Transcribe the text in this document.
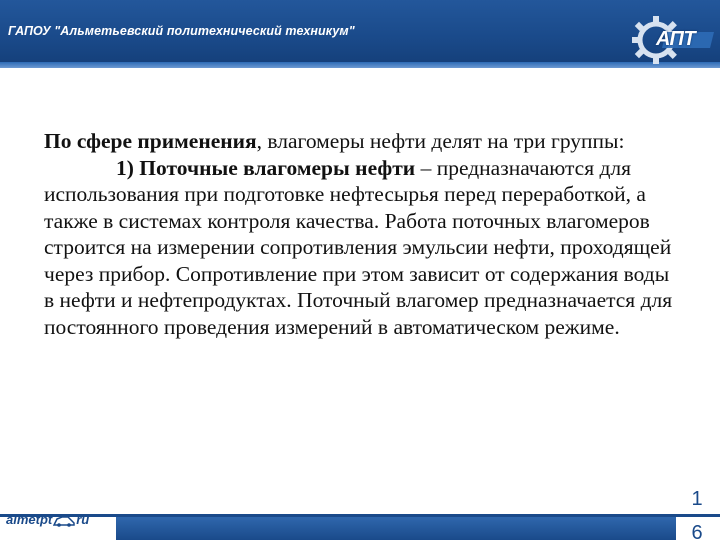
ГАПОУ "Альметьевский политехнический техникум"	АПТ

По сфере применения, влагомеры нефти делят на три группы:

1) Поточные влагомеры нефти – предназначаются для использования при подготовке нефтесырья перед переработкой, а также в системах контроля качества. Работа поточных влагомеров строится на измерении сопротивления эмульсии нефти, проходящей через прибор. Сопротивление при этом зависит от содержания воды в нефти и нефтепродуктах. Поточный влагомер предназначается для постоянного проведения измерений в автоматическом режиме.

almetpt ru
16
